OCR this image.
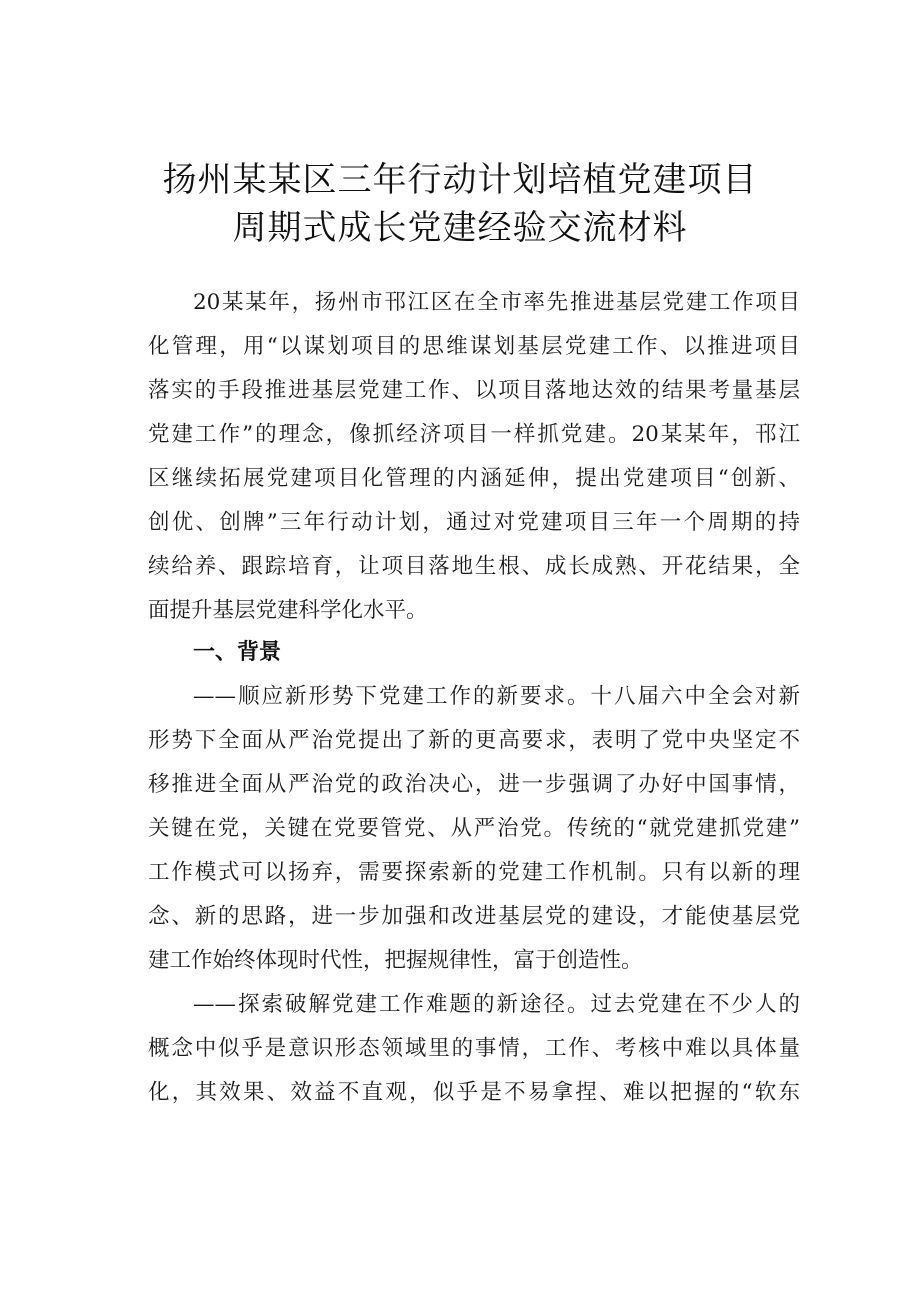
扬州某某区三年行动计划培植党建项目
周期式成长党建经验交流材料
20某某年，扬州市邗江区在全市率先推进基层党建工作项目
化管理，用“以谋划项目的思维谋划基层党建工作、以推进项目
落实的手段推进基层党建工作、以项目落地达效的结果考量基层
党建工作”的理念，像抓经济项目一样抓党建。20某某年，邗江
区继续拓展党建项目化管理的内涵延伸，提出党建项目“创新、
创优、创牌”三年行动计划，通过对党建项目三年一个周期的持
续给养、跟踪培育，让项目落地生根、成长成熟、开花结果，全
面提升基层党建科学化水平。
一、背景
——顺应新形势下党建工作的新要求。十八届六中全会对新
形势下全面从严治党提出了新的更高要求，表明了党中央坚定不
移推进全面从严治党的政治决心，进一步强调了办好中国事情，
关键在党，关键在党要管党、从严治党。传统的“就党建抓党建”
工作模式可以扬弃，需要探索新的党建工作机制。只有以新的理
念、新的思路，进一步加强和改进基层党的建设，才能使基层党
建工作始终体现时代性，把握规律性，富于创造性。
——探索破解党建工作难题的新途径。过去党建在不少人的
概念中似乎是意识形态领域里的事情，工作、考核中难以具体量
化，其效果、效益不直观，似乎是不易拿捏、难以把握的“软东
